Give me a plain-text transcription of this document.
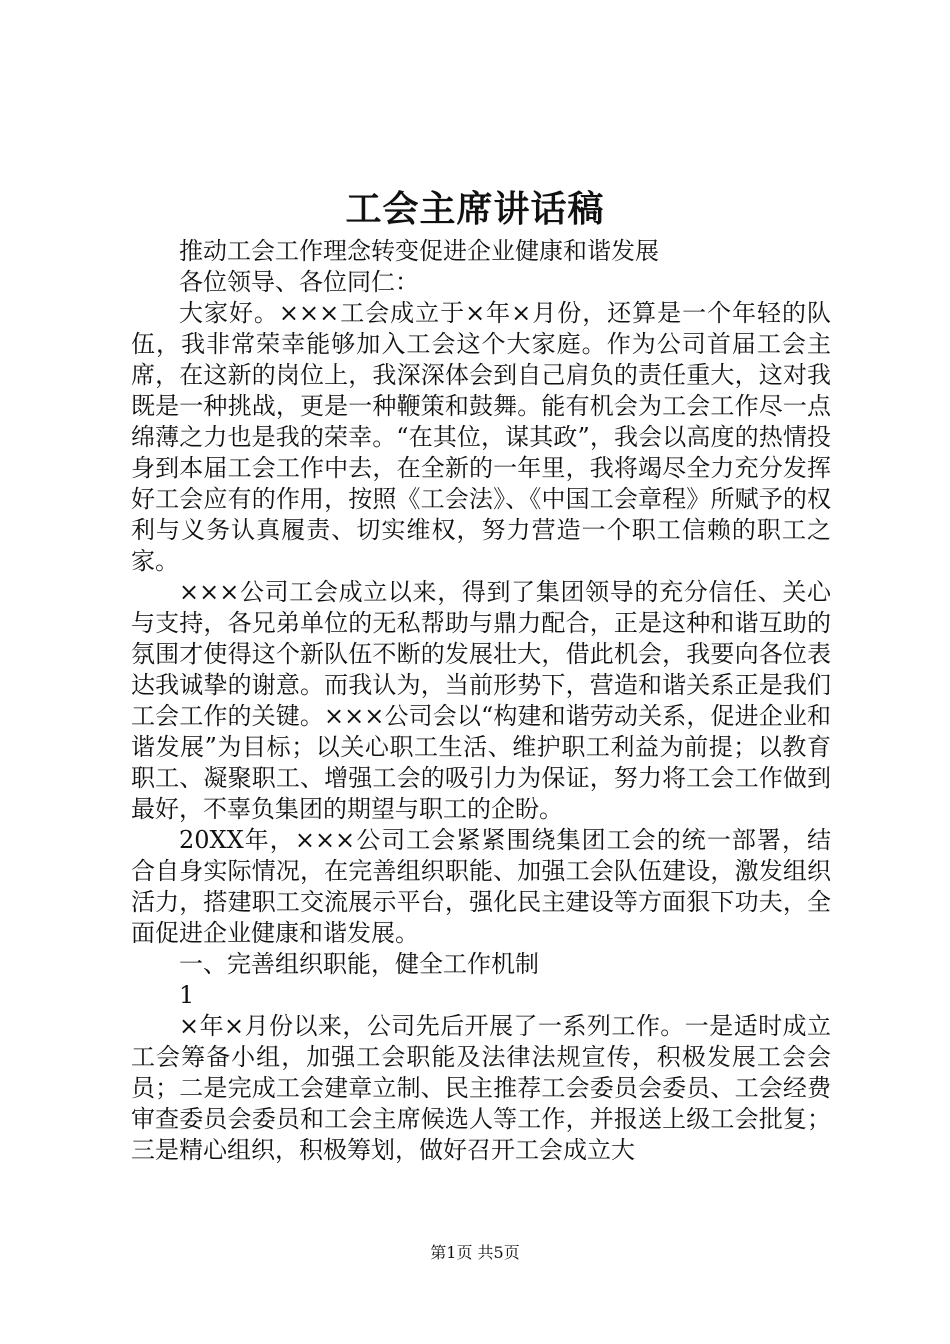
工会主席讲话稿

推动工会工作理念转变促进企业健康和谐发展

各位领导、各位同仁：

大家好。×××工会成立于×年×月份，还算是一个年轻的队伍，我非常荣幸能够加入工会这个大家庭。作为公司首届工会主席，在这新的岗位上，我深深体会到自己肩负的责任重大，这对我既是一种挑战，更是一种鞭策和鼓舞。能有机会为工会工作尽一点绵薄之力也是我的荣幸。“在其位，谋其政”，我会以高度的热情投身到本届工会工作中去，在全新的一年里，我将竭尽全力充分发挥好工会应有的作用，按照《工会法》、《中国工会章程》所赋予的权利与义务认真履责、切实维权，努力营造一个职工信赖的职工之家。

×××公司工会成立以来，得到了集团领导的充分信任、关心与支持，各兄弟单位的无私帮助与鼎力配合，正是这种和谐互助的氛围才使得这个新队伍不断的发展壮大，借此机会，我要向各位表达我诚挚的谢意。而我认为，当前形势下，营造和谐关系正是我们工会工作的关键。×××公司会以“构建和谐劳动关系，促进企业和谐发展”为目标；以关心职工生活、维护职工利益为前提；以教育职工、凝聚职工、增强工会的吸引力为保证，努力将工会工作做到最好，不辜负集团的期望与职工的企盼。

20XX年，×××公司工会紧紧围绕集团工会的统一部署，结合自身实际情况，在完善组织职能、加强工会队伍建设，激发组织活力，搭建职工交流展示平台，强化民主建设等方面狠下功夫，全面促进企业健康和谐发展。

一、完善组织职能，健全工作机制

1

×年×月份以来，公司先后开展了一系列工作。一是适时成立工会筹备小组，加强工会职能及法律法规宣传，积极发展工会会员；二是完成工会建章立制、民主推荐工会委员会委员、工会经费审查委员会委员和工会主席候选人等工作，并报送上级工会批复；三是精心组织，积极筹划，做好召开工会成立大

第1页 共5页
